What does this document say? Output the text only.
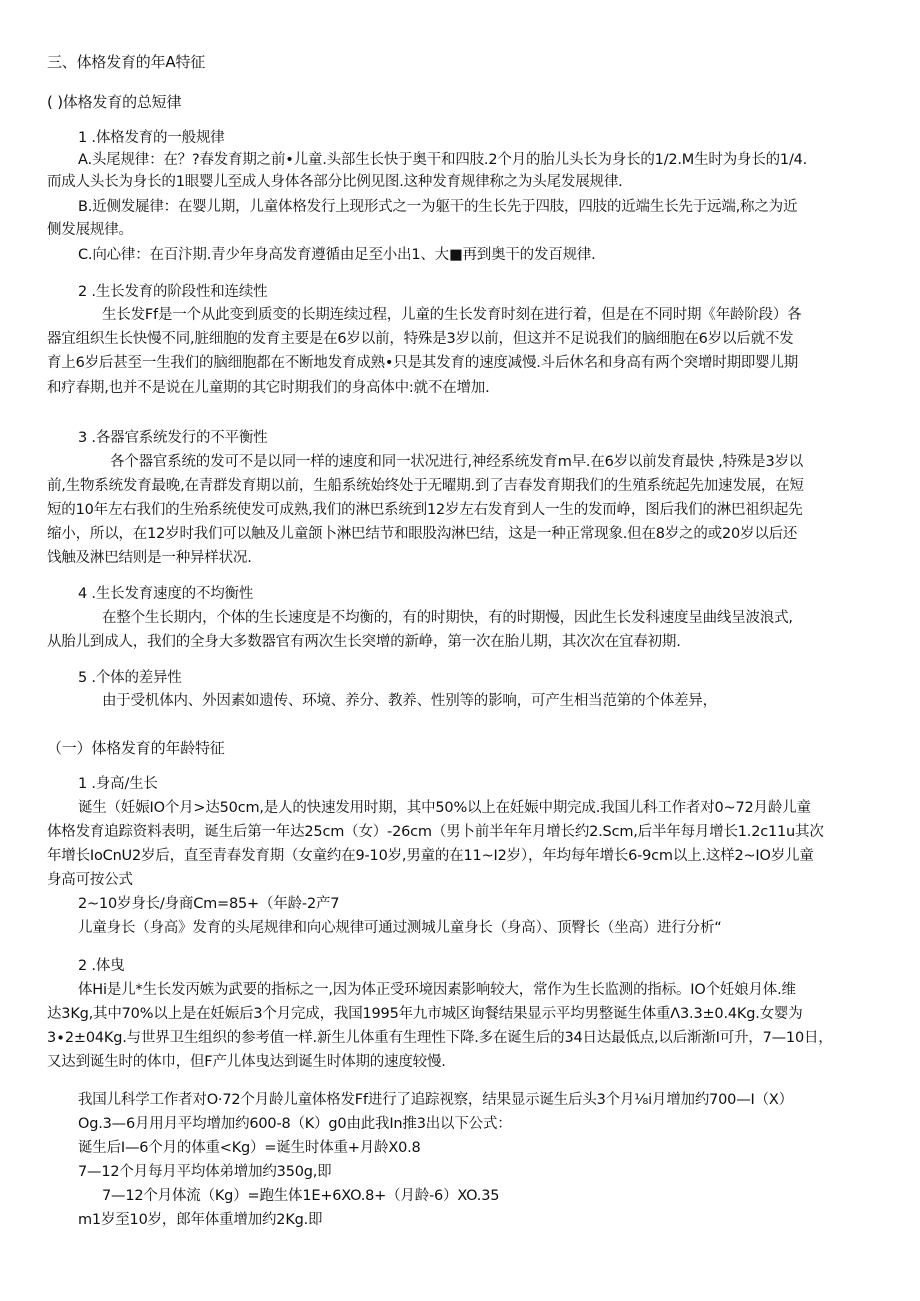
三、体格发育的年A特征
( )体格发育的总短律
1 .体格发育的一般规律
A.头尾规律：在？?春发育期之前•儿童.头部生长快于奥干和四肢.2个月的胎儿头长为身长的1/2.M生时为身长的1/4.
而成人头长为身长的1眼婴儿至成人身体各部分比例见图.这种发育规律称之为头尾发展规律.
B.近侧发屣律：在婴儿期，儿童体格发行上现形式之一为躯干的生长先于四肢，四肢的近端生长先于远端,称之为近
侧发展规律。
C.向心律：在百汴期.青少年身高发育遵循由足至小出1、大■再到奥干的发百规律.
2 .生长发育的阶段性和连续性
生长发Ff是一个从此变到质变的长期连续过程，儿童的生长发育时刻在进行着，但是在不同时期《年龄阶段）各
器宜组织生长快慢不同,脏细胞的发育主要是在6岁以前，特殊是3岁以前，但这并不足说我们的脑细胞在6岁以后就不发
育上6岁后甚至一生我们的脑细胞都在不断地发育成熟•只是其发育的速度减慢.斗后休名和身高有两个突增时期即婴儿期
和疗春期,也并不是说在儿童期的其它时期我们的身高体中:就不在增加.
3 .各器官系统发行的不平衡性
各个器官系统的发可不是以同一样的速度和同一状况进行,神经系统发育m早.在6岁以前发育最快 ,特殊是3岁以
前,生物系统发育最晚,在青群发育期以前，生船系统始终处于无曜期.到了吉春发育期我们的生殖系统起先加速发展，在短
短的10年左右我们的生殆系统使发可成熟,我们的淋巴系统到12岁左右发育到人一生的发而峥，图后我们的淋巴祖织起先
缩小，所以，在12岁时我们可以触及儿童颌卜淋巴结节和眼股沟淋巴结，这是一种正常现象.但在8岁之的或20岁以后还
饯触及淋巴结则是一种异样状况.
4 .生长发育速度的不均衡性
在整个生长期内，个体的生长速度是不均衡的，有的时期快，有的时期慢，因此生长发科速度呈曲线呈波浪式,
从胎儿到成人，我们的全身大多数器官有两次生长突增的新峥，第一次在胎儿期，其次次在宜春初期.
5 .个体的差异性
由于受机体内、外因素如遗传、环境、养分、教养、性别等的影响，可产生相当范第的个体差异，
（一）体格发育的年龄特征
1 .身高/生长
诞生（妊娠IO个月>达50cm,是人的快速发用时期，其中50%以上在妊娠中期完成.我国儿科工作者对0~72月龄儿童
体格发育追踪资料表明，诞生后第一年达25cm（女）-26cm（男卜前半年年月增长约2.Scm,后半年每月增长1.2c11u其次
年增长IoCnU2岁后，直至青春发育期（女童约在9-10岁,男童的在11~I2岁），年均每年增长6-9cm以上.这样2~IO岁儿童
身高可按公式
2~10岁身长/身商Cm=85+（年龄-2产7
儿童身长（身高》发育的头尾规律和向心规律可通过测城儿童身长（身高）、顶臀长（坐高）进行分析“
2 .体曳
体Hi是儿*生长发丙嫉为武要的指标之一,因为体正受环境因素影响较大，常作为生长监测的指标。IO个妊娘月体.维
达3Kg,其中70%以上是在妊娠后3个月完成，我国1995年九市城区询餐结果显示平均男整诞生体重Λ3.3±0.4Kg.女婴为
3∙2±04Kg.与世界卫生组织的参考值一样.新生儿体重有生理性下降.多在诞生后的34日达最低点,以后渐渐I可升，7—10日，
又达到诞生时的体巾，但F产儿体曳达到诞生时体期的速度较慢.
我国儿科学工作者对O·72个月龄儿童体格发Ff进行了追踪视察，结果显示诞生后头3个月⅛i月增加约700—I（X）
Og.3—6月用月平均增加约600-8（K）g0由此我In推3出以下公式：
诞生后I—6个月的体重<Kg）=诞生时体重+月龄X0.8
7—12个月每月平均体弟增加约350g,即
7—12个月体流（Kg）=跑生体1E+6XO.8+（月龄-6）XO.35
m1岁至10岁，郎年体重增加约2Kg.即
